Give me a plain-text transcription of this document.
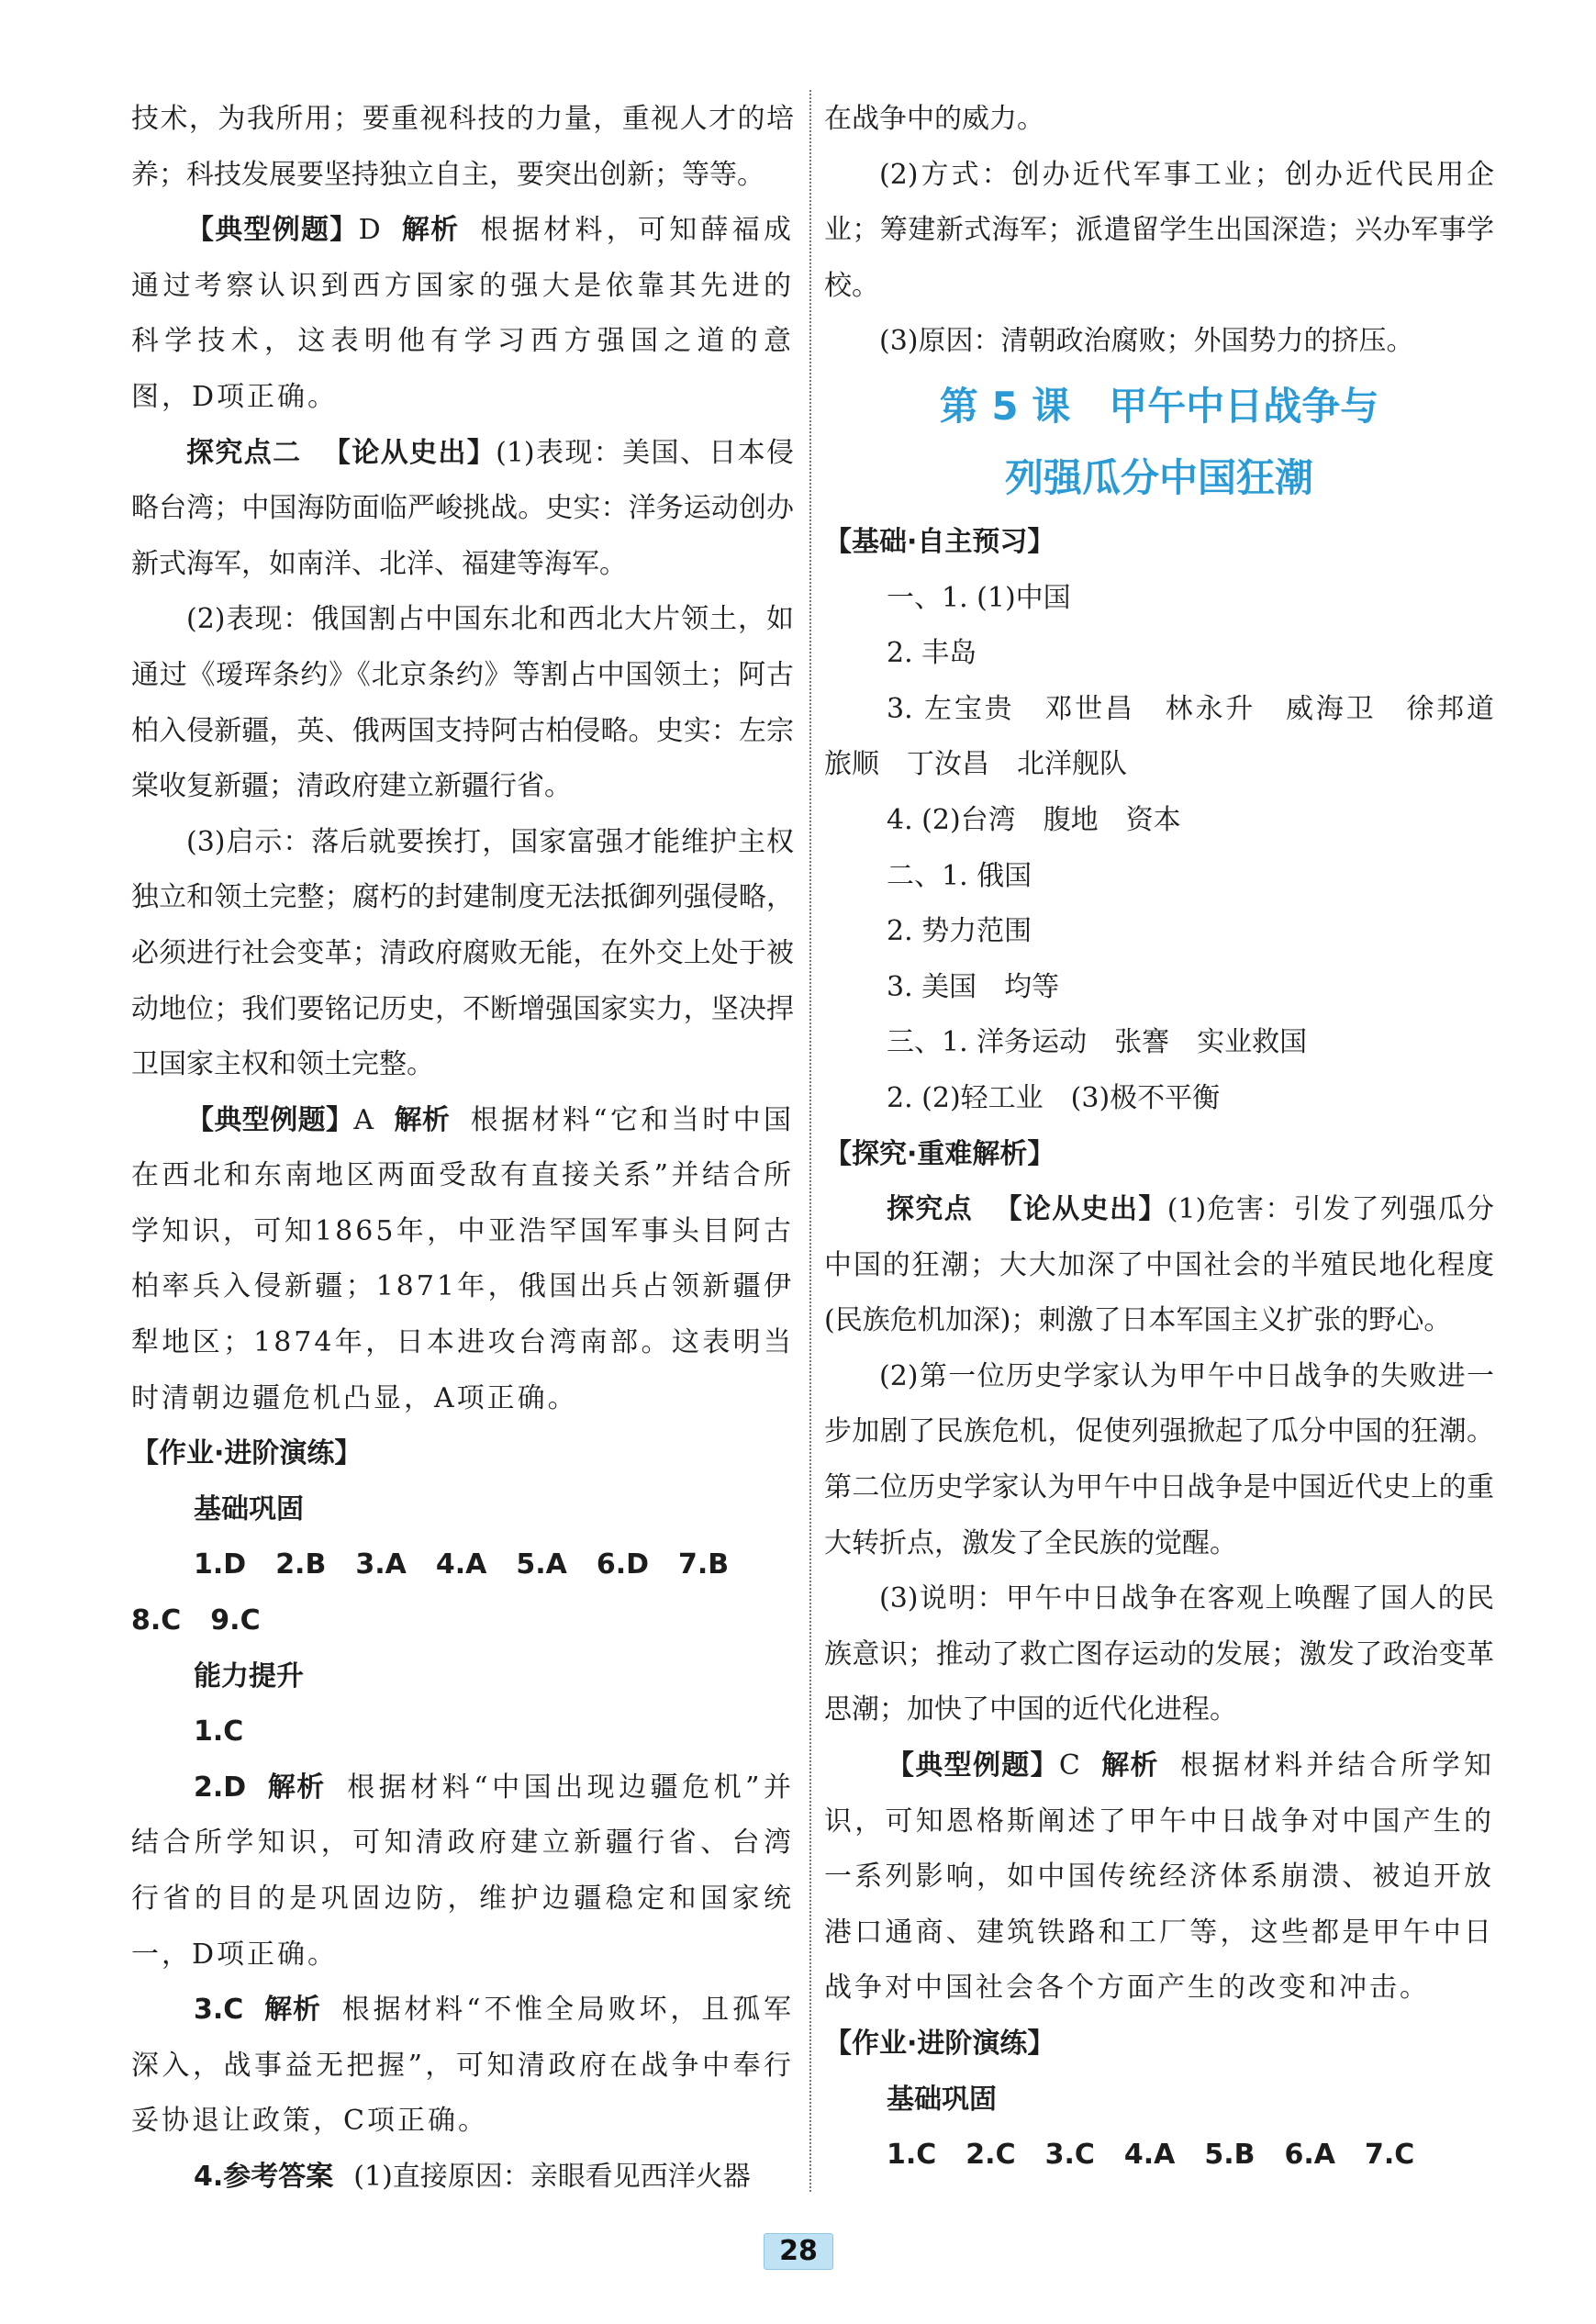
技术，为我所用；要重视科技的力量，重视人才的培养；科技发展要坚持独立自主，要突出创新；等等。

【典型例题】D 解析 根据材料，可知薛福成通过考察认识到西方国家的强大是依靠其先进的科学技术，这表明他有学习西方强国之道的意图，D项正确。

探究点二 【论从史出】(1)表现：美国、日本侵略台湾；中国海防面临严峻挑战。史实：洋务运动创办新式海军，如南洋、北洋、福建等海军。

(2)表现：俄国割占中国东北和西北大片领土，如通过《瑷珲条约》《北京条约》等割占中国领土；阿古柏入侵新疆，英、俄两国支持阿古柏侵略。史实：左宗棠收复新疆；清政府建立新疆行省。

(3)启示：落后就要挨打，国家富强才能维护主权独立和领土完整；腐朽的封建制度无法抵御列强侵略，必须进行社会变革；清政府腐败无能，在外交上处于被动地位；我们要铭记历史，不断增强国家实力，坚决捍卫国家主权和领土完整。

【典型例题】A 解析 根据材料“它和当时中国在西北和东南地区两面受敌有直接关系”并结合所学知识，可知1865年，中亚浩罕国军事头目阿古柏率兵入侵新疆；1871年，俄国出兵占领新疆伊犁地区；1874年，日本进攻台湾南部。这表明当时清朝边疆危机凸显，A项正确。

【作业·进阶演练】

基础巩固

1.D 2.B 3.A 4.A 5.A 6.D 7.B

8.C 9.C

能力提升

1.C

2.D 解析 根据材料“中国出现边疆危机”并结合所学知识，可知清政府建立新疆行省、台湾行省的目的是巩固边防，维护边疆稳定和国家统一，D项正确。

3.C 解析 根据材料“不惟全局败坏，且孤军深入，战事益无把握”，可知清政府在战争中奉行妥协退让政策，C项正确。

4.参考答案 (1)直接原因：亲眼看见西洋火器

在战争中的威力。

(2)方式：创办近代军事工业；创办近代民用企业；筹建新式海军；派遣留学生出国深造；兴办军事学校。

(3)原因：清朝政治腐败；外国势力的挤压。

第 5 课　甲午中日战争与
列强瓜分中国狂潮

【基础·自主预习】

一、1. (1)中国

2. 丰岛

3. 左宝贵　邓世昌　林永升　威海卫　徐邦道　旅顺　丁汝昌　北洋舰队

4. (2)台湾　腹地　资本

二、1. 俄国

2. 势力范围

3. 美国　均等

三、1. 洋务运动　张謇　实业救国

2. (2)轻工业　(3)极不平衡

【探究·重难解析】

探究点 【论从史出】(1)危害：引发了列强瓜分中国的狂潮；大大加深了中国社会的半殖民地化程度(民族危机加深)；刺激了日本军国主义扩张的野心。

(2)第一位历史学家认为甲午中日战争的失败进一步加剧了民族危机，促使列强掀起了瓜分中国的狂潮。第二位历史学家认为甲午中日战争是中国近代史上的重大转折点，激发了全民族的觉醒。

(3)说明：甲午中日战争在客观上唤醒了国人的民族意识；推动了救亡图存运动的发展；激发了政治变革思潮；加快了中国的近代化进程。

【典型例题】C 解析 根据材料并结合所学知识，可知恩格斯阐述了甲午中日战争对中国产生的一系列影响，如中国传统经济体系崩溃、被迫开放港口通商、建筑铁路和工厂等，这些都是甲午中日战争对中国社会各个方面产生的改变和冲击。

【作业·进阶演练】

基础巩固

1.C 2.C 3.C 4.A 5.B 6.A 7.C

28
